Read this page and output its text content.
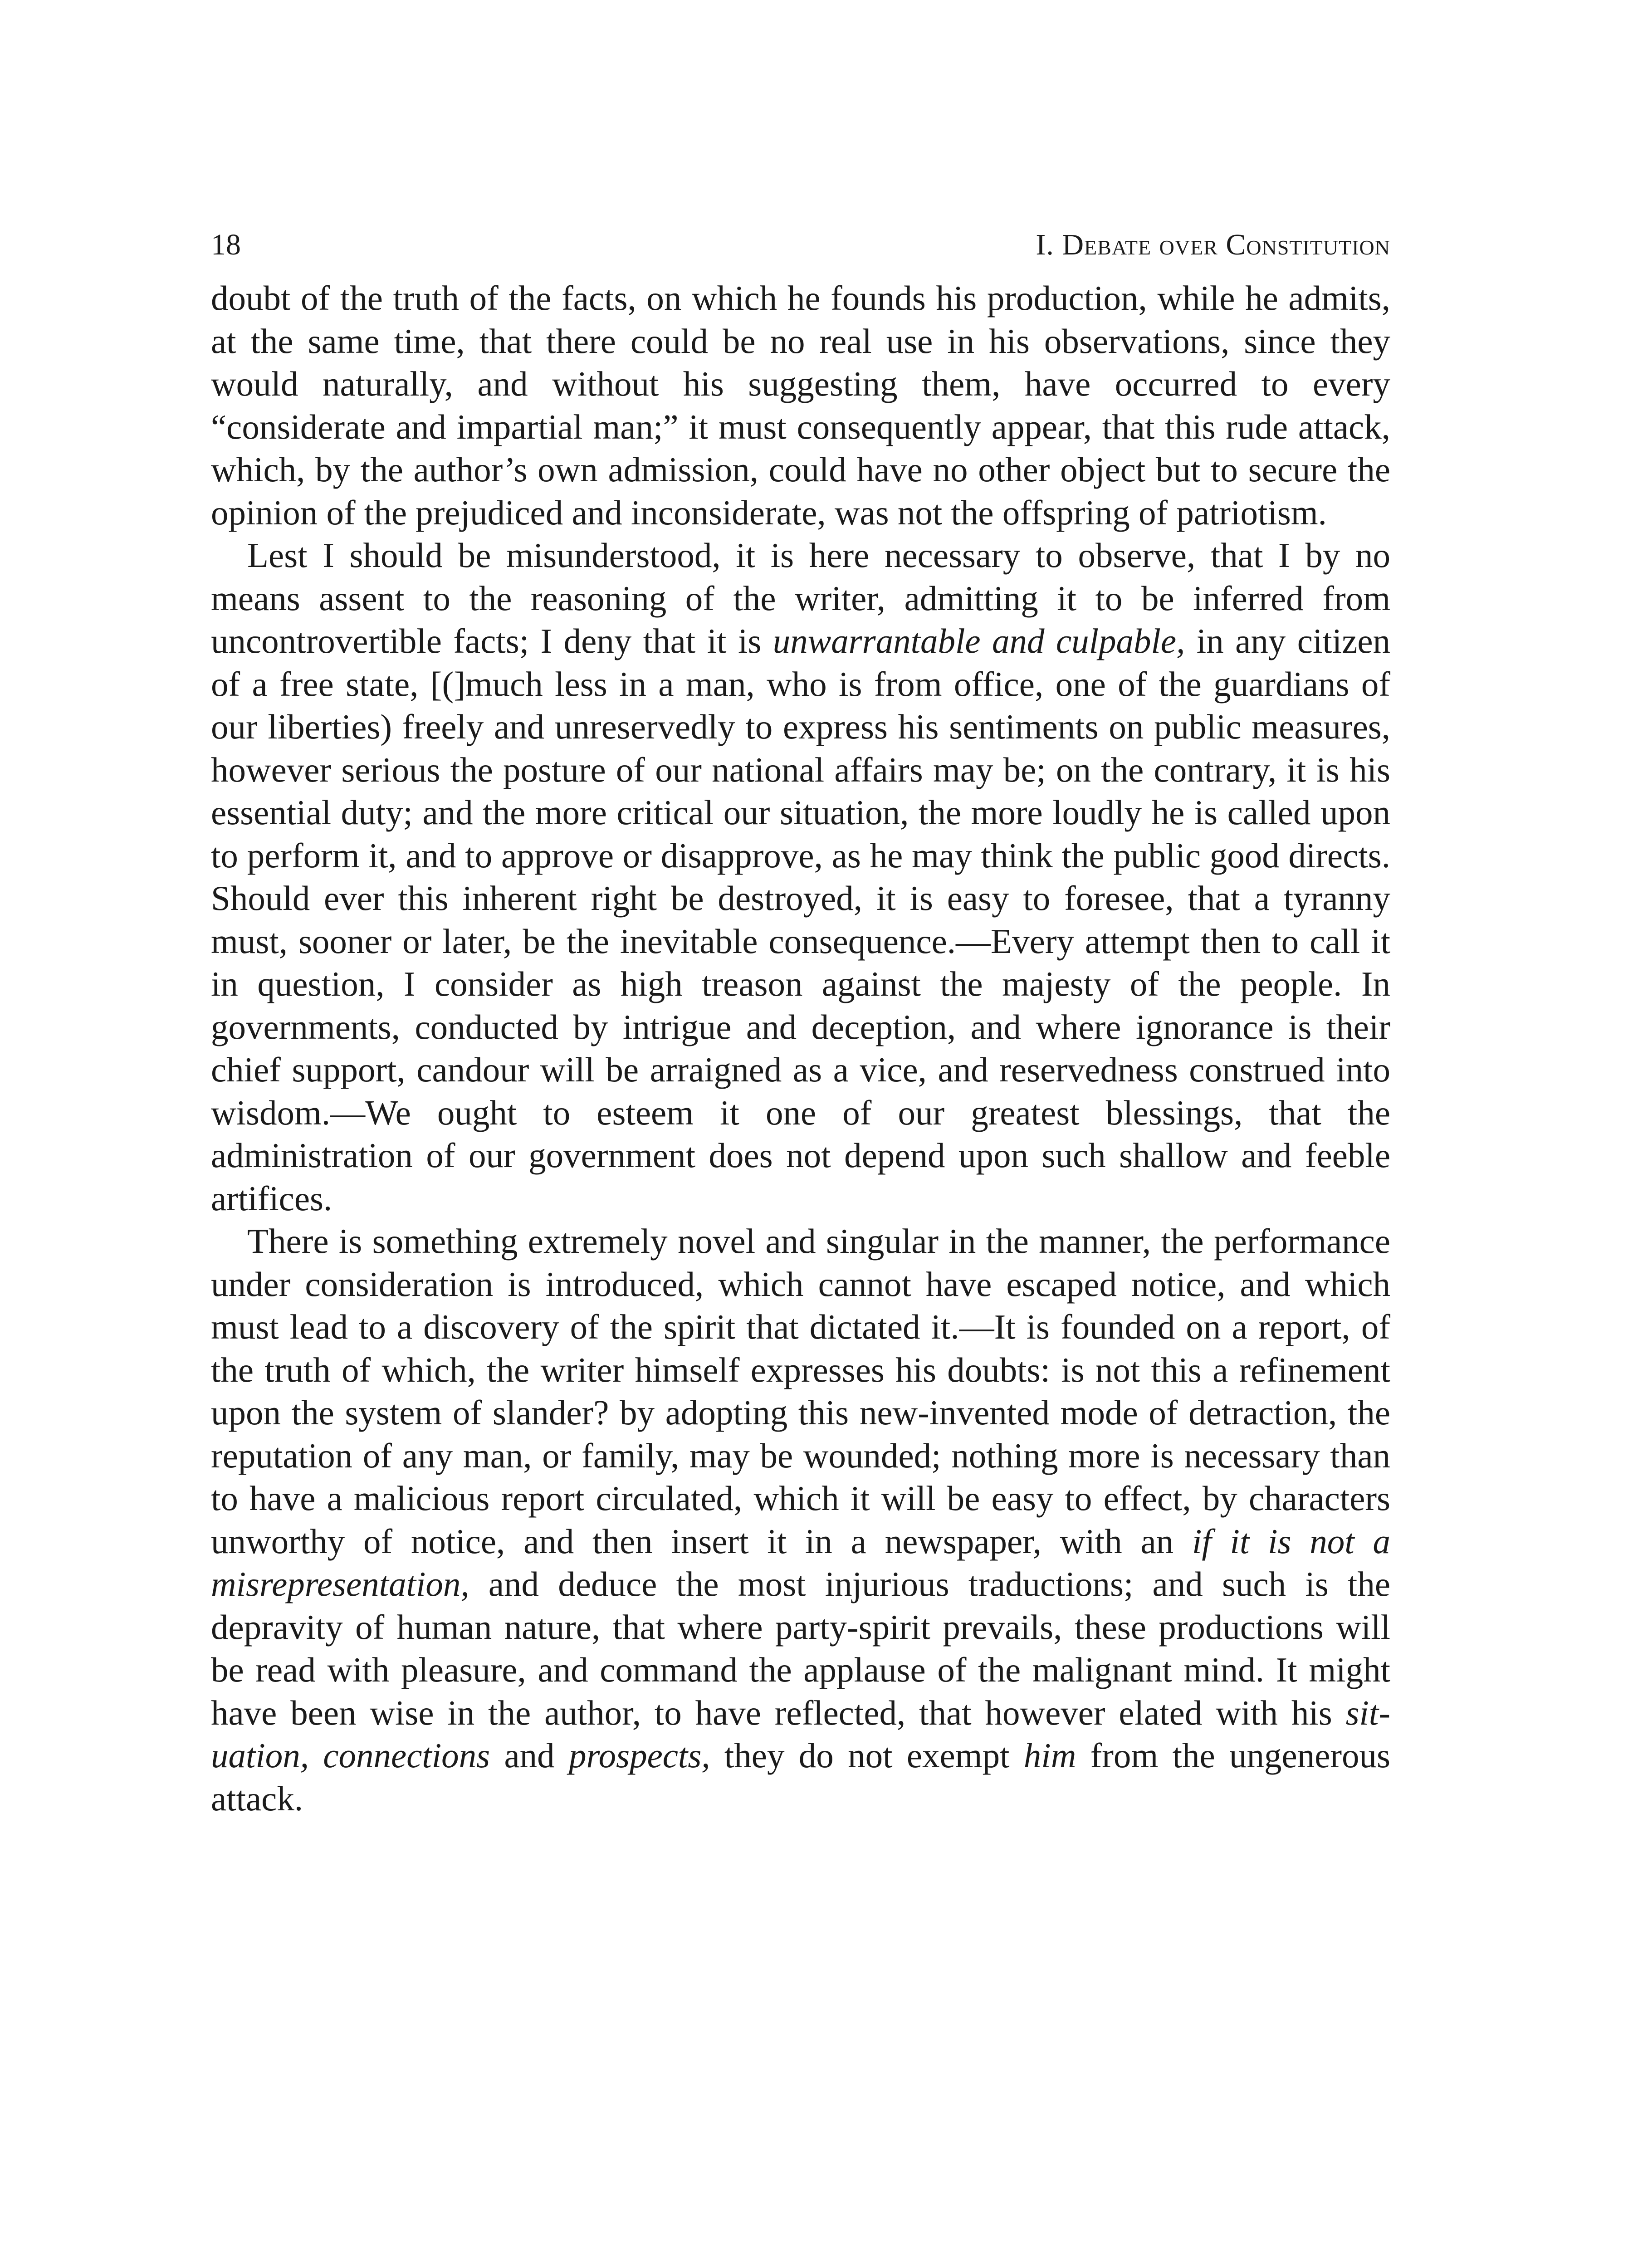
18	I. Debate over Constitution

doubt of the truth of the facts, on which he founds his production, while he admits, at the same time, that there could be no real use in his observations, since they would naturally, and without his suggesting them, have occurred to every “considerate and impartial man;” it must consequently appear, that this rude attack, which, by the author’s own admission, could have no other object but to secure the opinion of the prejudiced and inconsiderate, was not the offspring of patriotism.

Lest I should be misunderstood, it is here necessary to observe, that I by no means assent to the reasoning of the writer, admitting it to be inferred from uncontrovertible facts; I deny that it is unwarrantable and culpable, in any citizen of a free state, [(]much less in a man, who is from office, one of the guardians of our liberties) freely and unreservedly to express his sentiments on public measures, however serious the posture of our national affairs may be; on the contrary, it is his essential duty; and the more critical our situation, the more loudly he is called upon to perform it, and to approve or disapprove, as he may think the public good directs. Should ever this inherent right be destroyed, it is easy to foresee, that a tyranny must, sooner or later, be the inevitable consequence.—Every attempt then to call it in question, I consider as high treason against the majesty of the people. In governments, conducted by intrigue and deception, and where ignorance is their chief support, candour will be arraigned as a vice, and reservedness construed into wisdom.—We ought to esteem it one of our greatest blessings, that the administration of our government does not depend upon such shallow and feeble artifices.

There is something extremely novel and singular in the manner, the performance under consideration is introduced, which cannot have escaped notice, and which must lead to a discovery of the spirit that dictated it.—It is founded on a report, of the truth of which, the writer himself expresses his doubts: is not this a refinement upon the system of slander? by adopting this new-invented mode of detraction, the reputation of any man, or family, may be wounded; nothing more is necessary than to have a malicious report circulated, which it will be easy to effect, by characters unworthy of notice, and then insert it in a newspaper, with an if it is not a misrepresentation, and deduce the most injurious traductions; and such is the depravity of human nature, that where party-spirit prevails, these productions will be read with pleasure, and command the applause of the malignant mind. It might have been wise in the author, to have reflected, that however elated with his situation, connections and prospects, they do not exempt him from the ungenerous attack.
